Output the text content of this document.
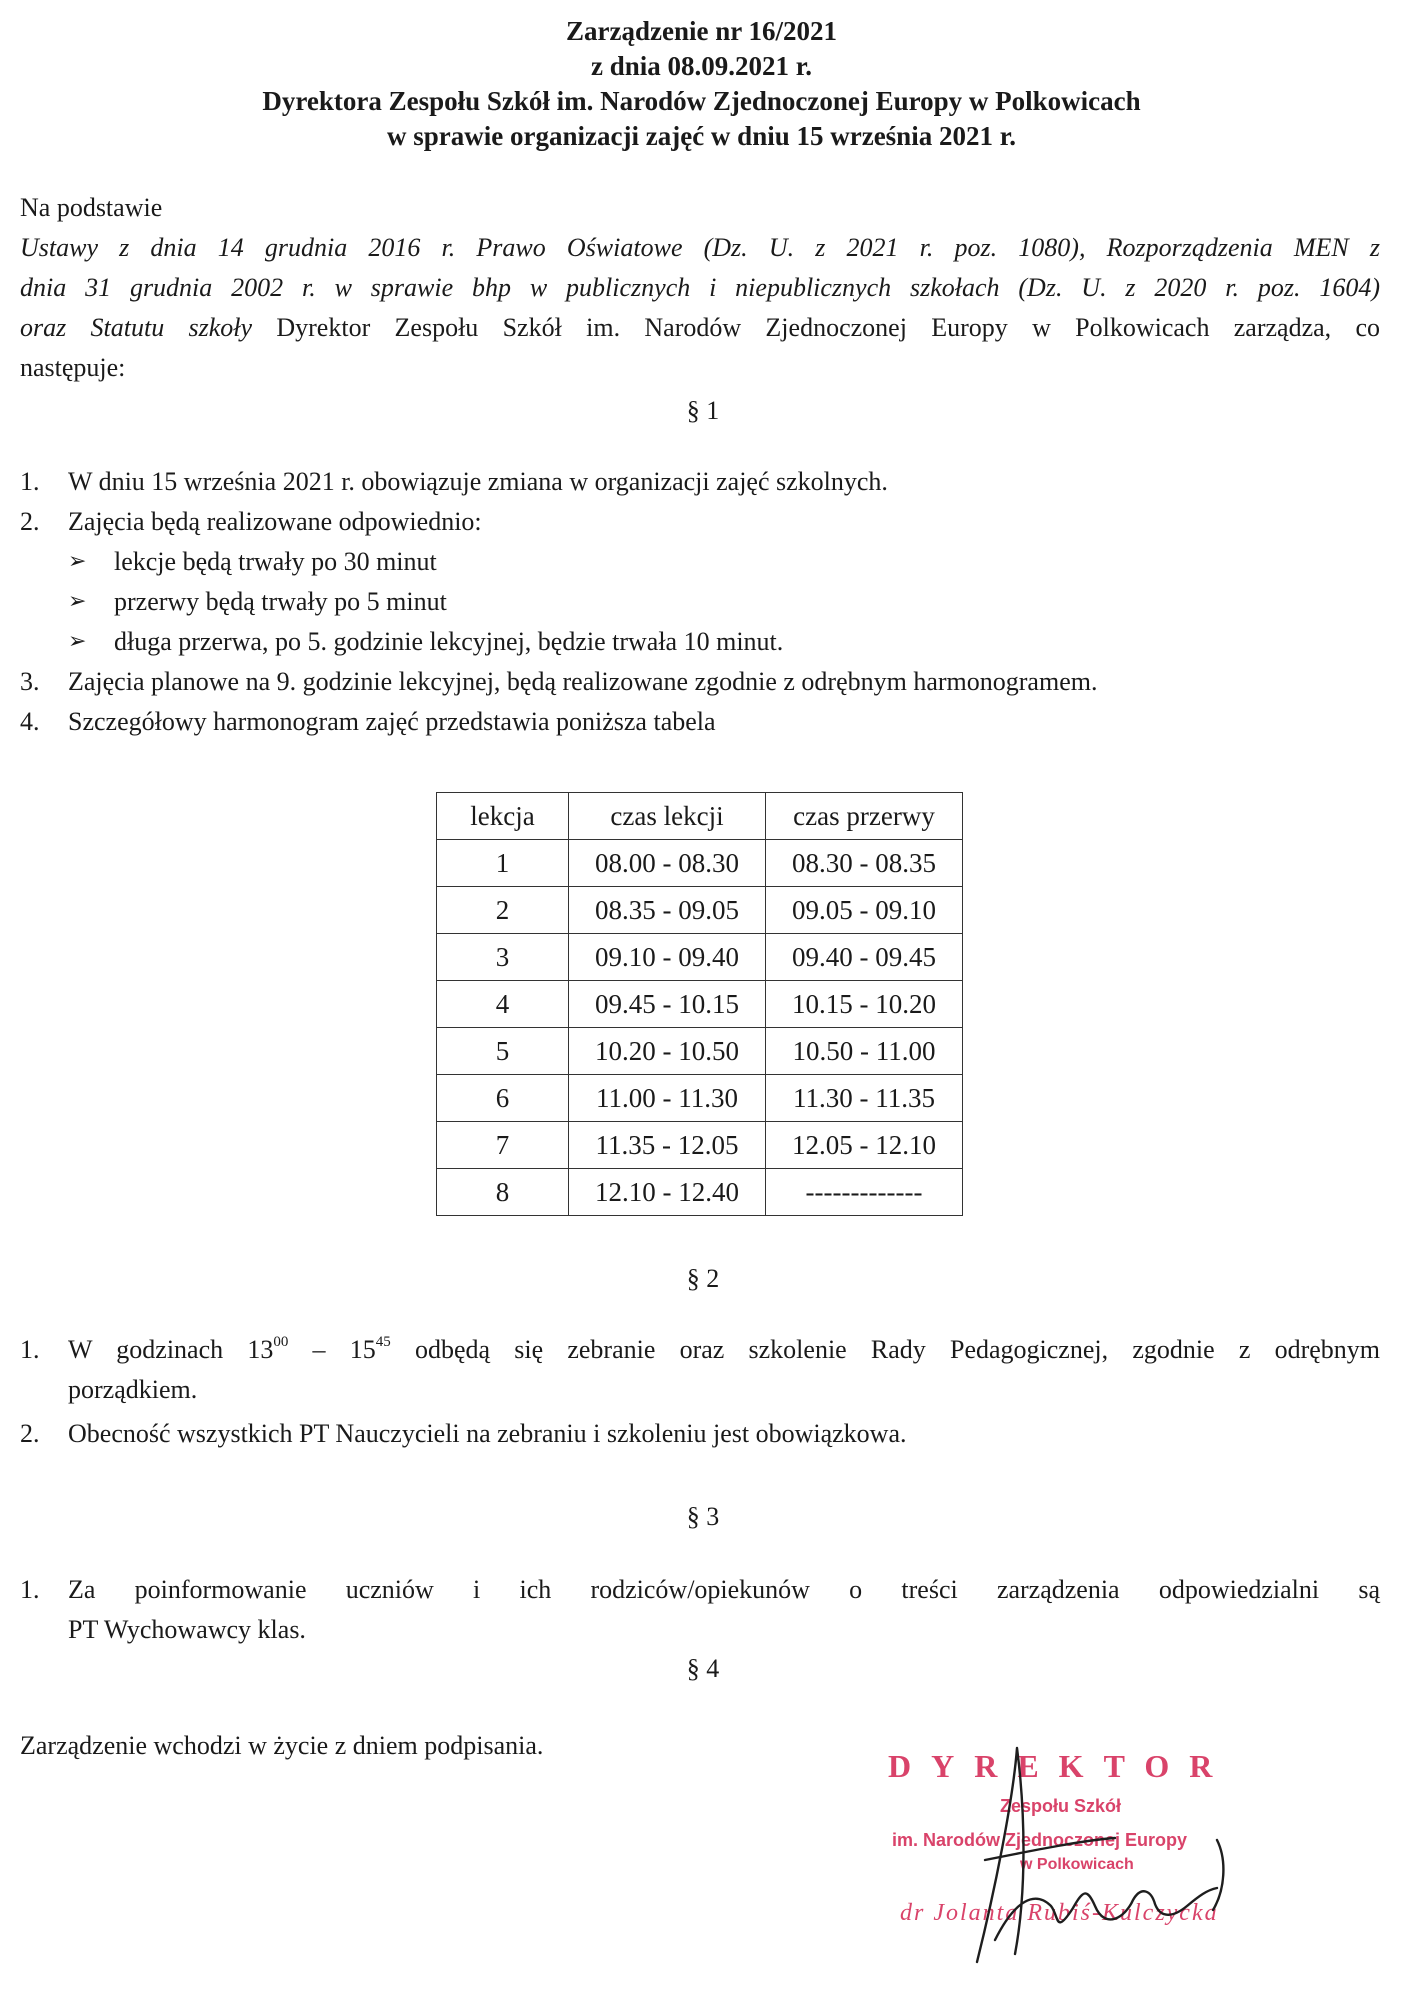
Zarządzenie nr 16/2021
z dnia 08.09.2021 r.
Dyrektora Zespołu Szkół im. Narodów Zjednoczonej Europy w Polkowicach
w sprawie organizacji zajęć w dniu 15 września 2021 r.
Na podstawie
Ustawy z dnia 14 grudnia 2016 r. Prawo Oświatowe (Dz. U. z 2021 r. poz. 1080), Rozporządzenia MEN z
dnia 31 grudnia 2002 r. w sprawie bhp w publicznych i niepublicznych szkołach (Dz. U. z 2020 r. poz. 1604)
oraz Statutu szkoły Dyrektor Zespołu Szkół im. Narodów Zjednoczonej Europy w Polkowicach zarządza, co
następuje:
§ 1
1. W dniu 15 września 2021 r. obowiązuje zmiana w organizacji zajęć szkolnych.
2. Zajęcia będą realizowane odpowiednio:
➢ lekcje będą trwały po 30 minut
➢ przerwy będą trwały po 5 minut
➢ długa przerwa, po 5. godzinie lekcyjnej, będzie trwała 10 minut.
3. Zajęcia planowe na 9. godzinie lekcyjnej, będą realizowane zgodnie z odrębnym harmonogramem.
4. Szczegółowy harmonogram zajęć przedstawia poniższa tabela
lekcja	czas lekcji	czas przerwy
1	08.00 - 08.30	08.30 - 08.35
2	08.35 - 09.05	09.05 - 09.10
3	09.10 - 09.40	09.40 - 09.45
4	09.45 - 10.15	10.15 - 10.20
5	10.20 - 10.50	10.50 - 11.00
6	11.00 - 11.30	11.30 - 11.35
7	11.35 - 12.05	12.05 - 12.10
8	12.10 - 12.40	-------------
§ 2
1. W godzinach $13^{00} - 15^{45}$ odbędą się zebranie oraz szkolenie Rady Pedagogicznej, zgodnie z odrębnym
porządkiem.
2. Obecność wszystkich PT Nauczycieli na zebraniu i szkoleniu jest obowiązkowa.
§ 3
1. Za poinformowanie uczniów i ich rodziców/opiekunów o treści zarządzenia odpowiedzialni są
PT Wychowawcy klas.
§ 4
Zarządzenie wchodzi w życie z dniem podpisania.
DYREKTOR
Zespołu Szkół
im. Narodów Zjednoczonej Europy
w Polkowicach
dr Jolanta Rubiś-Kulczycka
